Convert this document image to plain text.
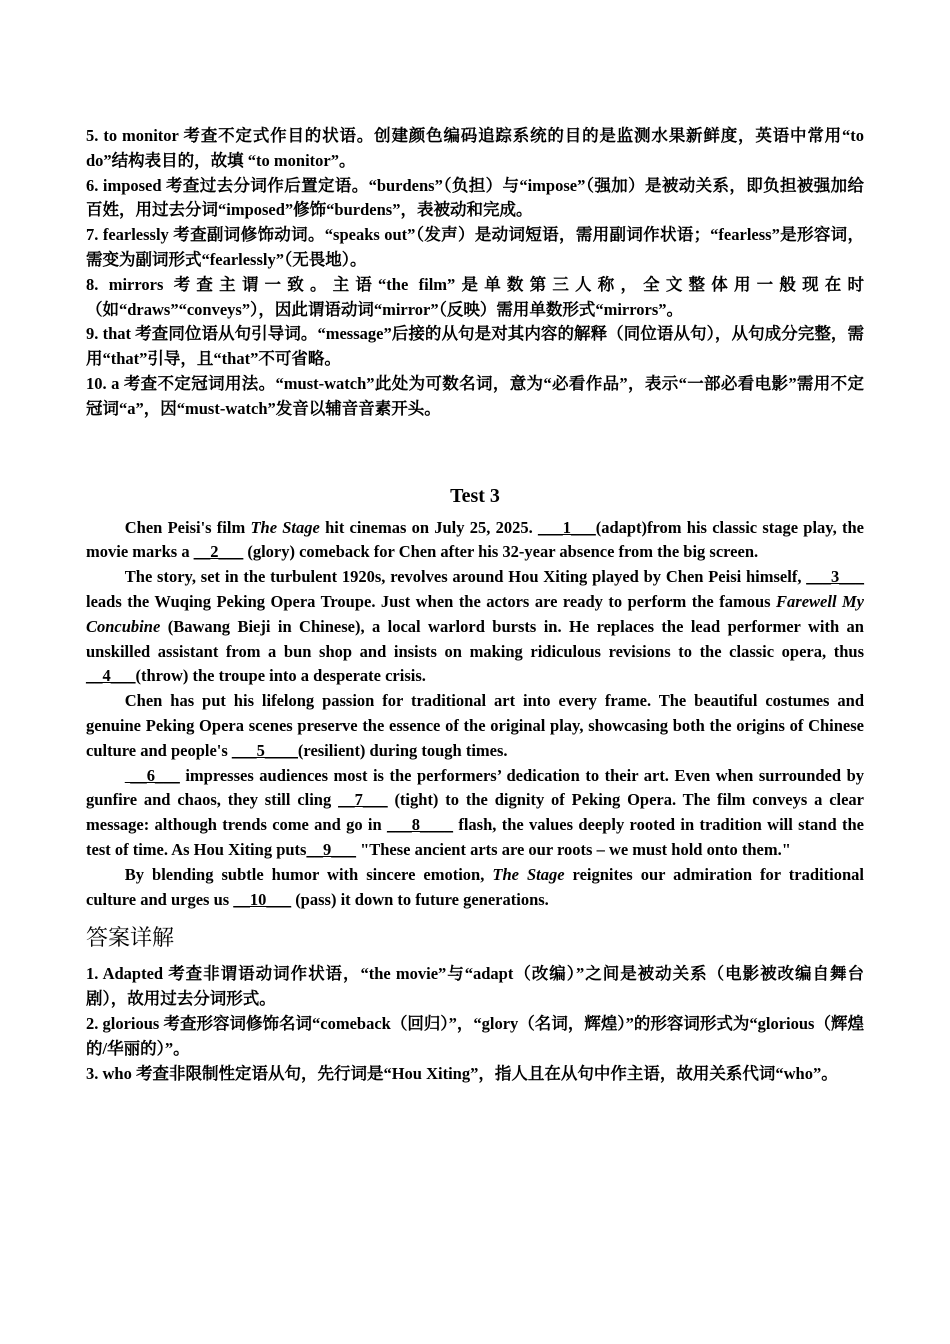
5. to monitor 考查不定式作目的状语。创建颜色编码追踪系统的目的是监测水果新鲜度，英语中常用“to do”结构表目的，故填 “to monitor”。

6. imposed 考查过去分词作后置定语。“burdens”（负担）与“impose”（强加）是被动关系，即负担被强加给百姓，用过去分词“imposed”修饰“burdens”，表被动和完成。

7. fearlessly 考查副词修饰动词。“speaks out”（发声）是动词短语，需用副词作状语；“fearless”是形容词，需变为副词形式“fearlessly”（无畏地）。

8. mirrors 考查主谓一致。主语“the film”是单数第三人称，全文整体用一般现在时（如“draws”“conveys”），因此谓语动词“mirror”（反映）需用单数形式“mirrors”。

9. that 考查同位语从句引导词。“message”后接的从句是对其内容的解释（同位语从句），从句成分完整，需用“that”引导，且“that”不可省略。

10. a 考查不定冠词用法。“must-watch”此处为可数名词，意为“必看作品”，表示“一部必看电影”需用不定冠词“a”，因“must-watch”发音以辅音音素开头。

Test 3

Chen Peisi's film The Stage hit cinemas on July 25, 2025. ___1___(adapt)from his classic stage play, the movie marks a __2___ (glory) comeback for Chen after his 32-year absence from the big screen.

The story, set in the turbulent 1920s, revolves around Hou Xiting played by Chen Peisi himself, ___3___ leads the Wuqing Peking Opera Troupe. Just when the actors are ready to perform the famous Farewell My Concubine (Bawang Bieji in Chinese), a local warlord bursts in. He replaces the lead performer with an unskilled assistant from a bun shop and insists on making ridiculous revisions to the classic opera, thus __4___(throw) the troupe into a desperate crisis.

Chen has put his lifelong passion for traditional art into every frame. The beautiful costumes and genuine Peking Opera scenes preserve the essence of the original play, showcasing both the origins of Chinese culture and people's ___5____(resilient) during tough times.

__6___ impresses audiences most is the performers’ dedication to their art. Even when surrounded by gunfire and chaos, they still cling __7___ (tight) to the dignity of Peking Opera. The film conveys a clear message: although trends come and go in ___8____ flash, the values deeply rooted in tradition will stand the test of time. As Hou Xiting puts__9___ "These ancient arts are our roots – we must hold onto them."

By blending subtle humor with sincere emotion, The Stage reignites our admiration for traditional culture and urges us __10___ (pass) it down to future generations.

答案详解

1. Adapted 考查非谓语动词作状语，“the movie”与“adapt（改编）”之间是被动关系（电影被改编自舞台剧），故用过去分词形式。

2. glorious 考查形容词修饰名词“comeback（回归）”，“glory（名词，辉煌）”的形容词形式为“glorious（辉煌的/华丽的）”。

3. who 考查非限制性定语从句，先行词是“Hou Xiting”，指人且在从句中作主语，故用关系代词“who”。
